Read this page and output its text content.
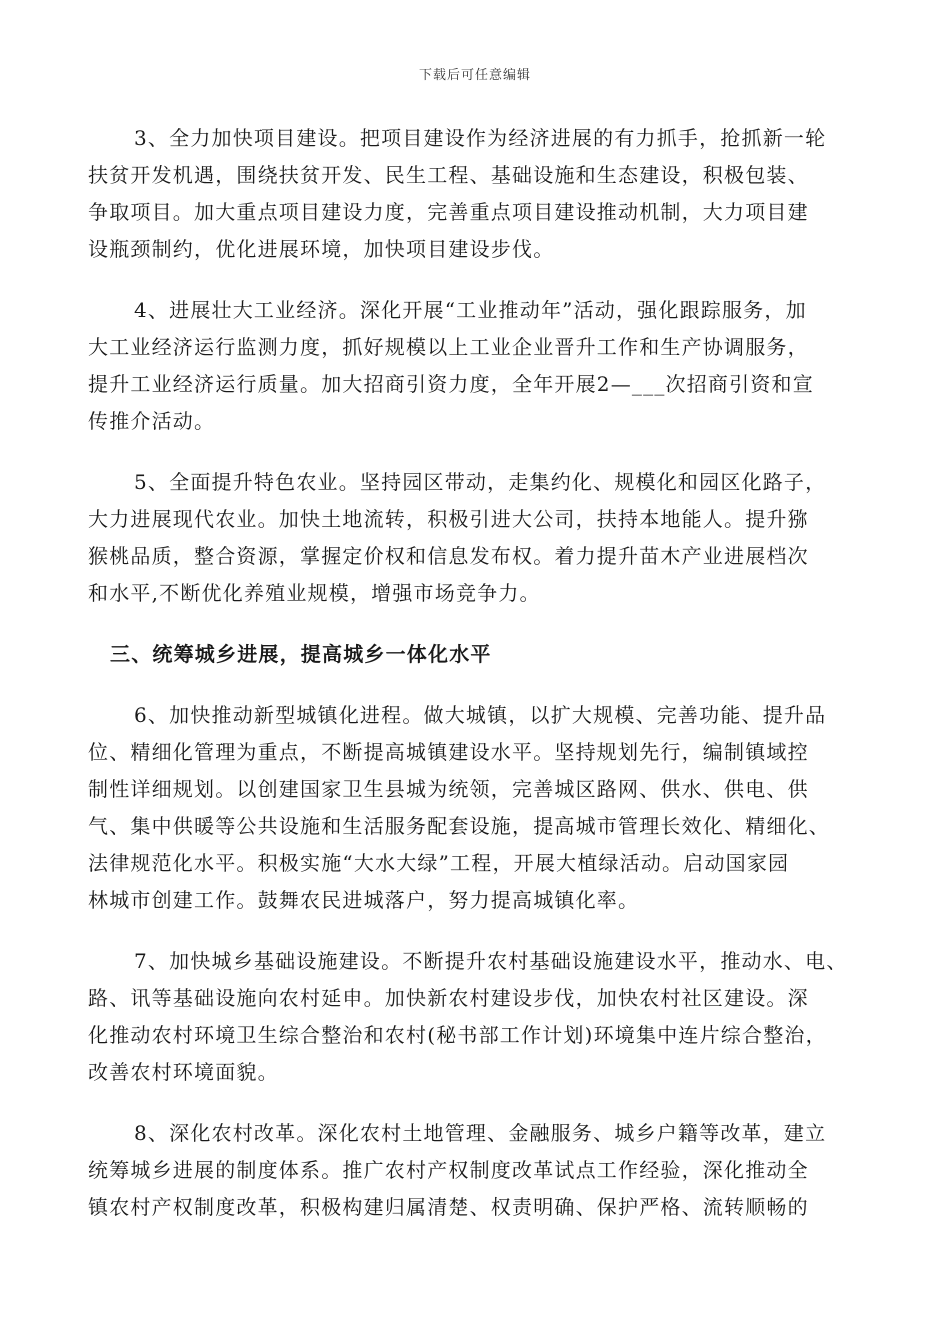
下载后可任意编辑
3、全力加快项目建设。把项目建设作为经济进展的有力抓手，抢抓新一轮
扶贫开发机遇，围绕扶贫开发、民生工程、基础设施和生态建设，积极包装、
争取项目。加大重点项目建设力度，完善重点项目建设推动机制，大力项目建
设瓶颈制约，优化进展环境，加快项目建设步伐。
4、进展壮大工业经济。深化开展“工业推动年”活动，强化跟踪服务，加
大工业经济运行监测力度，抓好规模以上工业企业晋升工作和生产协调服务，
提升工业经济运行质量。加大招商引资力度，全年开展2—___次招商引资和宣
传推介活动。
5、全面提升特色农业。坚持园区带动，走集约化、规模化和园区化路子，
大力进展现代农业。加快土地流转，积极引进大公司，扶持本地能人。提升猕
猴桃品质，整合资源，掌握定价权和信息发布权。着力提升苗木产业进展档次
和水平,不断优化养殖业规模，增强市场竞争力。
三、统筹城乡进展，提高城乡一体化水平
6、加快推动新型城镇化进程。做大城镇，以扩大规模、完善功能、提升品
位、精细化管理为重点，不断提高城镇建设水平。坚持规划先行，编制镇域控
制性详细规划。以创建国家卫生县城为统领，完善城区路网、供水、供电、供
气、集中供暖等公共设施和生活服务配套设施，提高城市管理长效化、精细化、
法律规范化水平。积极实施“大水大绿”工程，开展大植绿活动。启动国家园
林城市创建工作。鼓舞农民进城落户，努力提高城镇化率。
7、加快城乡基础设施建设。不断提升农村基础设施建设水平，推动水、电、
路、讯等基础设施向农村延申。加快新农村建设步伐，加快农村社区建设。深
化推动农村环境卫生综合整治和农村(秘书部工作计划)环境集中连片综合整治，
改善农村环境面貌。
8、深化农村改革。深化农村土地管理、金融服务、城乡户籍等改革，建立
统筹城乡进展的制度体系。推广农村产权制度改革试点工作经验，深化推动全
镇农村产权制度改革，积极构建归属清楚、权责明确、保护严格、流转顺畅的
